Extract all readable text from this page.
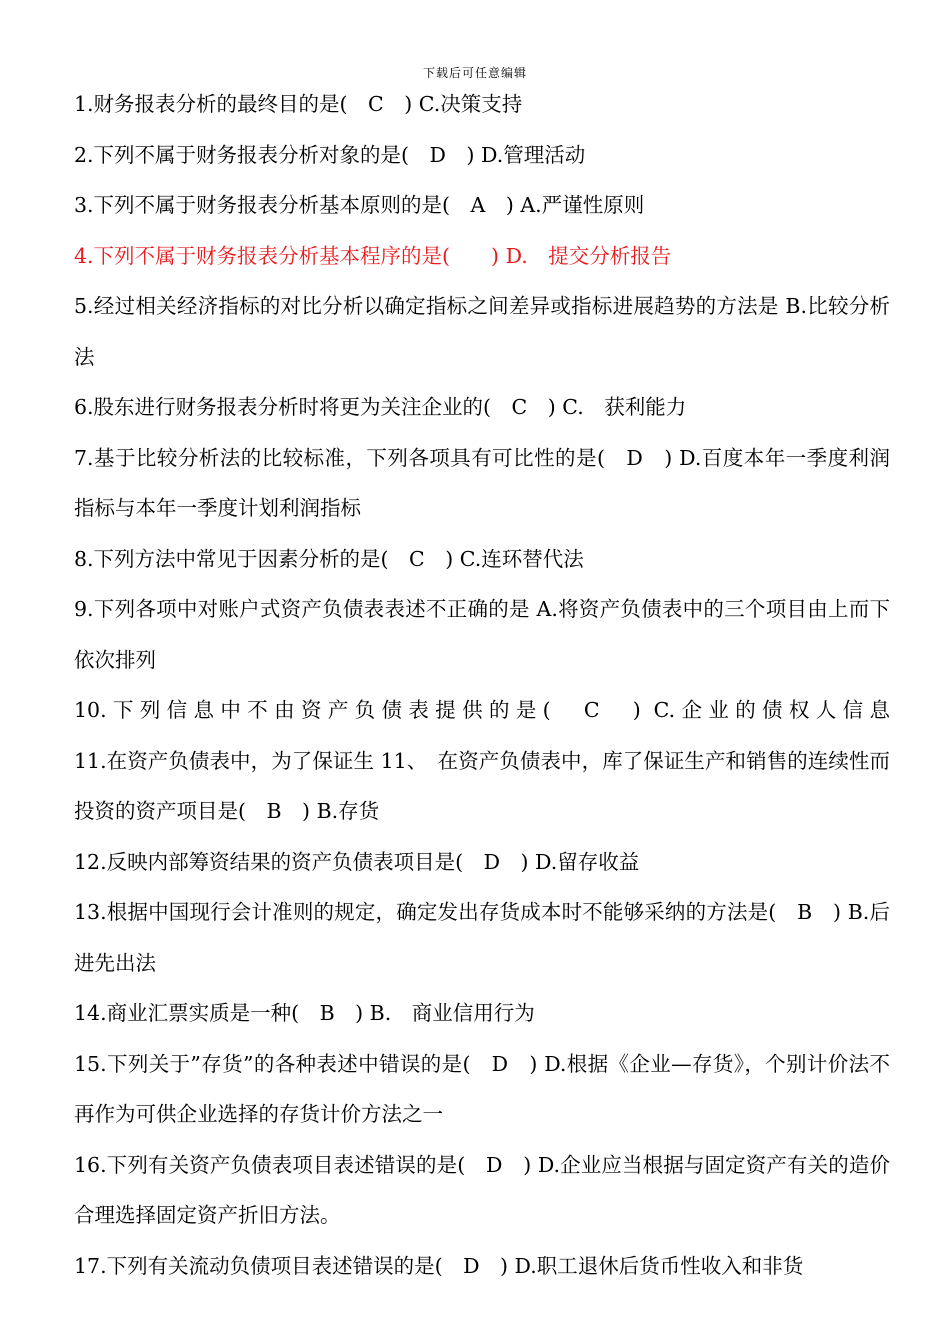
下载后可任意编辑
1.财务报表分析的最终目的是(　C　) C.决策支持
2.下列不属于财务报表分析对象的是(　D　) D.管理活动
3.下列不属于财务报表分析基本原则的是(　A　) A.严谨性原则
4.下列不属于财务报表分析基本程序的是(　　) D.　提交分析报告
5.经过相关经济指标的对比分析以确定指标之间差异或指标进展趋势的方法是 B.比较分析法
6.股东进行财务报表分析时将更为关注企业的(　C　) C.　获利能力
7.基于比较分析法的比较标准，下列各项具有可比性的是(　D　) D.百度本年一季度利润指标与本年一季度计划利润指标
8.下列方法中常见于因素分析的是(　C　) C.连环替代法
9.下列各项中对账户式资产负债表表述不正确的是 A.将资产负债表中的三个项目由上而下依次排列
10.下列信息中不由资产负债表提供的是(　C　) C.企业的债权人信息
11.在资产负债表中，为了保证生 11、　在资产负债表中，库了保证生产和销售的连续性而投资的资产项目是(　B　) B.存货
12.反映内部筹资结果的资产负债表项目是(　D　) D.留存收益
13.根据中国现行会计准则的规定，确定发出存货成本时不能够采纳的方法是(　B　) B.后进先出法
14.商业汇票实质是一种(　B　) B.　商业信用行为
15.下列关于”存货”的各种表述中错误的是(　D　) D.根据《企业—存货》，个别计价法不再作为可供企业选择的存货计价方法之一
16.下列有关资产负债表项目表述错误的是(　D　) D.企业应当根据与固定资产有关的造价合理选择固定资产折旧方法。
17.下列有关流动负债项目表述错误的是(　D　) D.职工退休后货币性收入和非货
